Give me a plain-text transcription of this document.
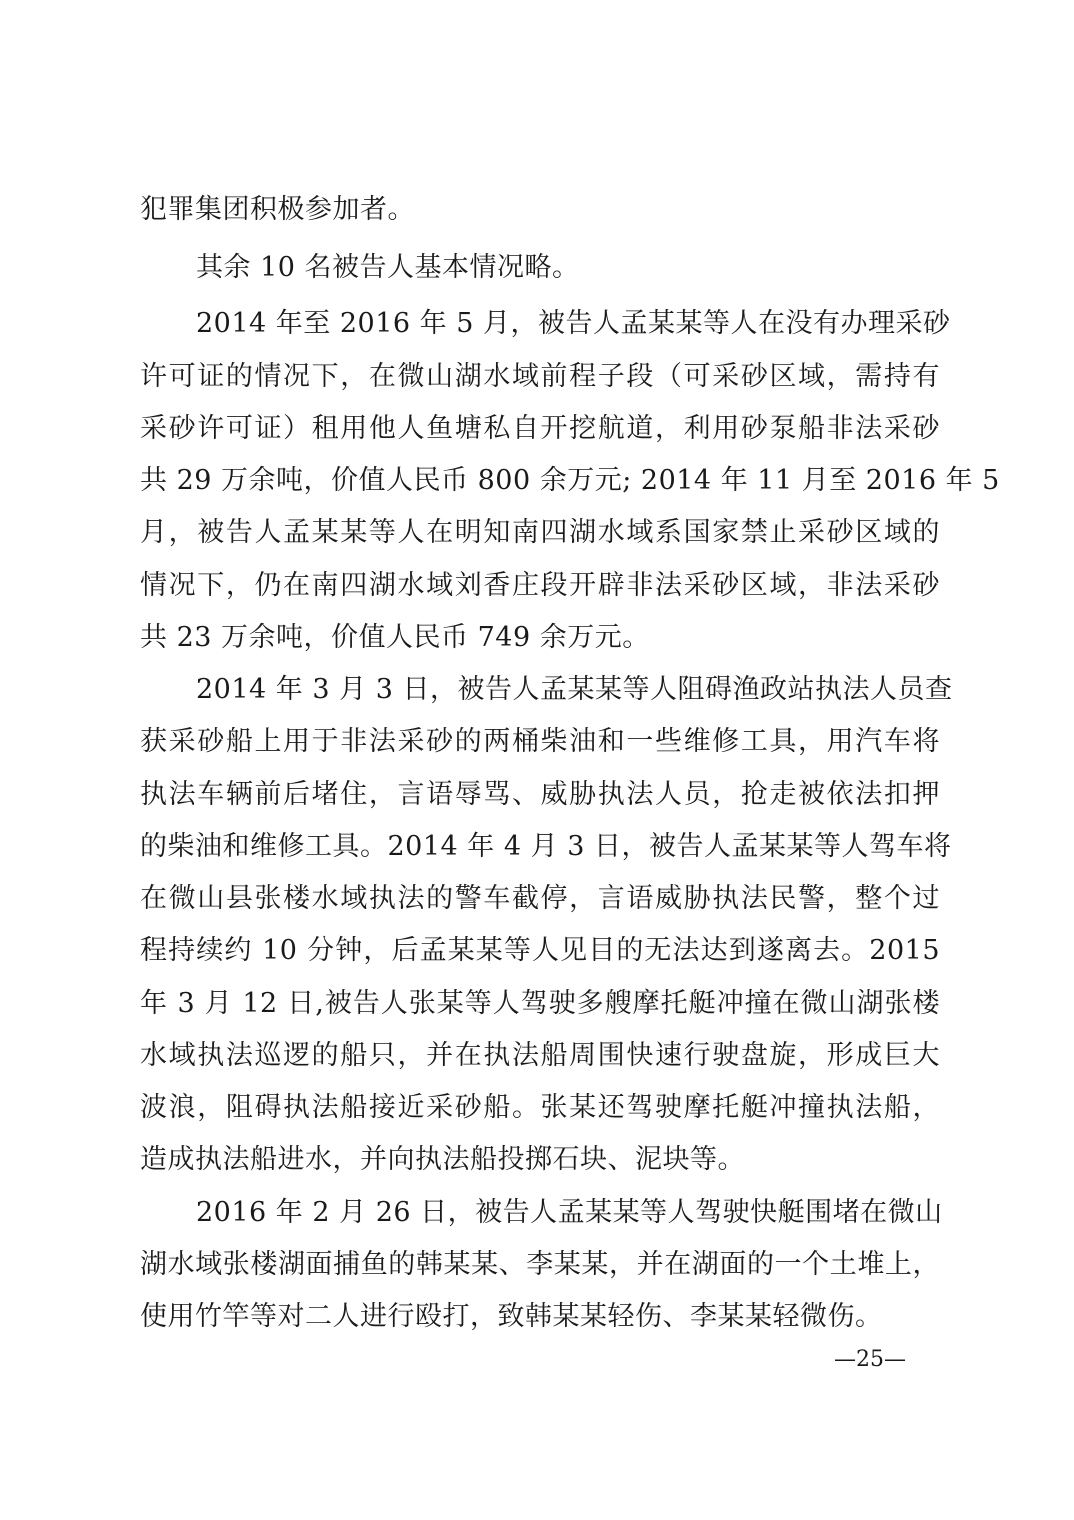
犯罪集团积极参加者。
其余 10 名被告人基本情况略。
2014 年至 2016 年 5 月，被告人孟某某等人在没有办理采砂
许可证的情况下，在微山湖水域前程子段（可采砂区域，需持有
采砂许可证）租用他人鱼塘私自开挖航道，利用砂泵船非法采砂
共 29 万余吨，价值人民币 800 余万元; 2014 年 11 月至 2016 年 5
月，被告人孟某某等人在明知南四湖水域系国家禁止采砂区域的
情况下，仍在南四湖水域刘香庄段开辟非法采砂区域，非法采砂
共 23 万余吨，价值人民币 749 余万元。
2014 年 3 月 3 日，被告人孟某某等人阻碍渔政站执法人员查
获采砂船上用于非法采砂的两桶柴油和一些维修工具，用汽车将
执法车辆前后堵住，言语辱骂、威胁执法人员，抢走被依法扣押
的柴油和维修工具。2014 年 4 月 3 日，被告人孟某某等人驾车将
在微山县张楼水域执法的警车截停，言语威胁执法民警，整个过
程持续约 10 分钟，后孟某某等人见目的无法达到遂离去。2015
年 3 月 12 日,被告人张某等人驾驶多艘摩托艇冲撞在微山湖张楼
水域执法巡逻的船只，并在执法船周围快速行驶盘旋，形成巨大
波浪，阻碍执法船接近采砂船。张某还驾驶摩托艇冲撞执法船，
造成执法船进水，并向执法船投掷石块、泥块等。
2016 年 2 月 26 日，被告人孟某某等人驾驶快艇围堵在微山
湖水域张楼湖面捕鱼的韩某某、李某某，并在湖面的一个土堆上，
使用竹竿等对二人进行殴打，致韩某某轻伤、李某某轻微伤。
—25—
